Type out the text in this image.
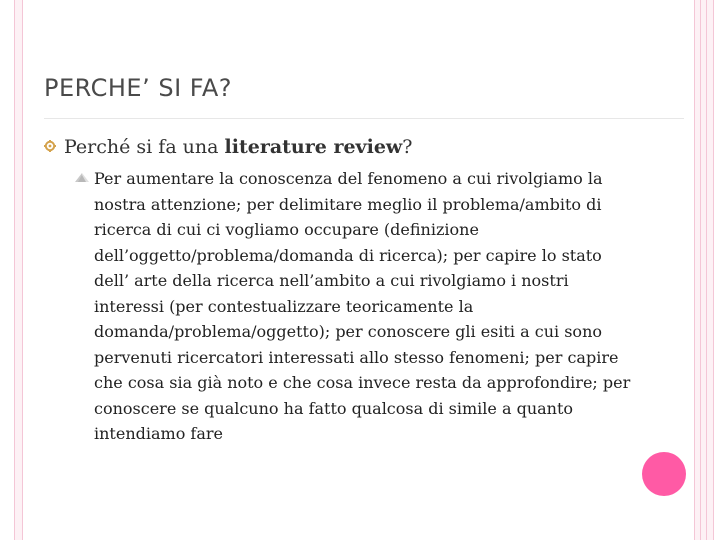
PERCHE’ SI FA?
Perché si fa una literature review?
Per aumentare la conoscenza del fenomeno a cui rivolgiamo la nostra attenzione; per delimitare meglio il problema/ambito di ricerca di cui ci vogliamo occupare (definizione dell’oggetto/problema/domanda di ricerca); per capire lo stato dell’ arte della ricerca nell’ambito a cui rivolgiamo i nostri interessi (per contestualizzare teoricamente la domanda/problema/oggetto); per conoscere gli esiti a cui sono pervenuti ricercatori interessati allo stesso fenomeni; per capire che cosa sia già noto e che cosa invece resta da approfondire; per conoscere se qualcuno ha fatto qualcosa di simile a quanto intendiamo fare
